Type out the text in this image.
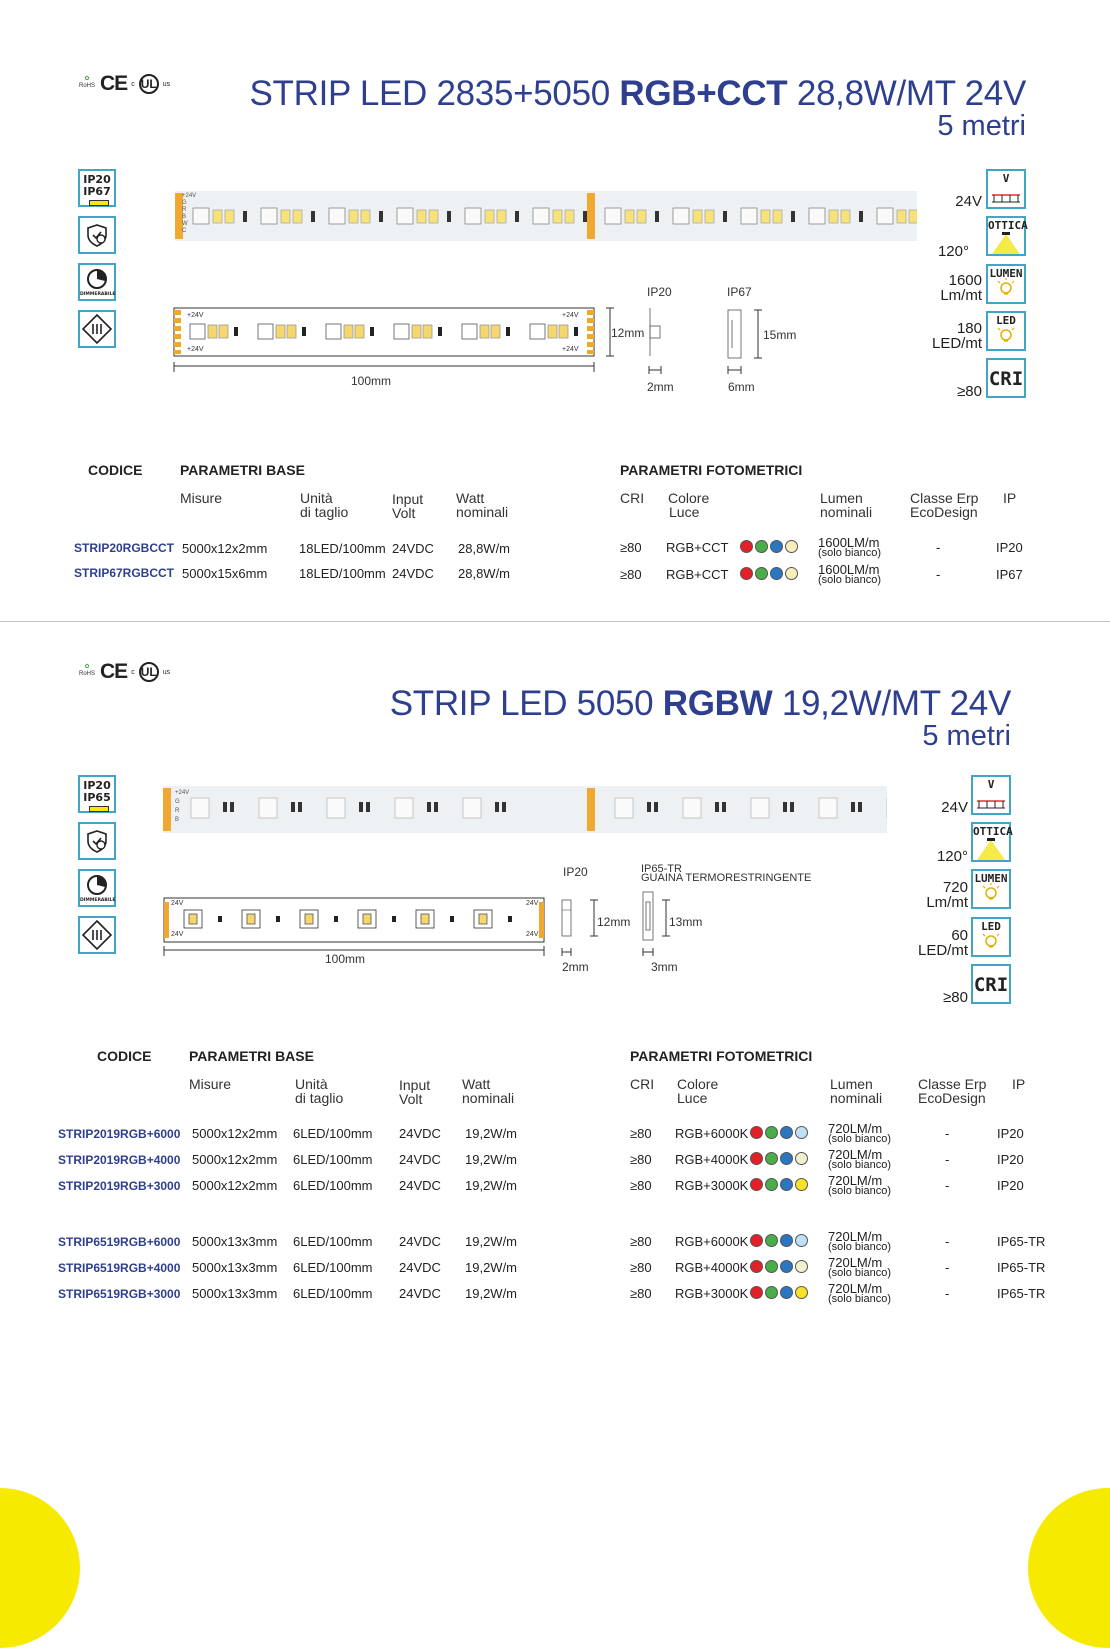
✿
RoHS CE c UL us STRIP LED 2835+5050 RGB+CCT 28,8W/MT 24V
5 metri
IP20
IP67
DIMMERABILE
+24V
G
R
B
W
C
+24V
+24V
+24V
+24V
12mm
100mm
IP20	IP67
15mm
2mm	6mm
24V
V
120°
OTTICA
1600
Lm/mt
LUMEN
180
LED/mt
LED
≥80
CRI
CODICE	PARAMETRI BASE	PARAMETRI FOTOMETRICI
Misure	Unità
di taglio
Input
Volt
Watt
nominali
CRI Colore
Luce
Lumen
nominali
Classe Erp
EcoDesign
IP
STRIP20RGBCCT 5000x12x2mm 18LED/100mm 24VDC 28,8W/m	≥80 RGB+CCT	1600LM/m
(solo bianco)	-	IP20
STRIP67RGBCCT 5000x15x6mm 18LED/100mm 24VDC 28,8W/m	≥80 RGB+CCT	1600LM/m
(solo bianco)	-	IP67
✿
RoHS CE c UL us
STRIP LED 5050 RGBW 19,2W/MT 24V
5 metri
IP20
IP65
DIMMERABILE
+24V
G
R
B
24V
24V
24V
24V
100mm
IP20	IP65-TR
GUAINA TERMORESTRINGENTE
12mm	13mm
2mm	3mm
24V
V
120°
OTTICA
720
Lm/mt
LUMEN
60
LED/mt
LED
≥80
CRI
CODICE	PARAMETRI BASE	PARAMETRI FOTOMETRICI
Misure	Unità
di taglio
Input
Volt
Watt
nominali
CRI Colore
Luce
Lumen
nominali
Classe Erp
EcoDesign
IP
STRIP2019RGB+6000 5000x12x2mm 6LED/100mm 24VDC 19,2W/m	≥80 RGB+6000K	720LM/m
(solo bianco)	-	IP20
STRIP2019RGB+4000 5000x12x2mm 6LED/100mm 24VDC 19,2W/m	≥80 RGB+4000K	720LM/m
(solo bianco)	-	IP20
STRIP2019RGB+3000 5000x12x2mm 6LED/100mm 24VDC 19,2W/m	≥80 RGB+3000K	720LM/m
(solo bianco)	-	IP20
STRIP6519RGB+6000 5000x13x3mm 6LED/100mm 24VDC 19,2W/m	≥80 RGB+6000K	720LM/m
(solo bianco)	-	IP65-TR
STRIP6519RGB+4000 5000x13x3mm 6LED/100mm 24VDC 19,2W/m	≥80 RGB+4000K	720LM/m
(solo bianco)	-	IP65-TR
STRIP6519RGB+3000 5000x13x3mm 6LED/100mm 24VDC 19,2W/m	≥80 RGB+3000K	720LM/m
(solo bianco)	-	IP65-TR
